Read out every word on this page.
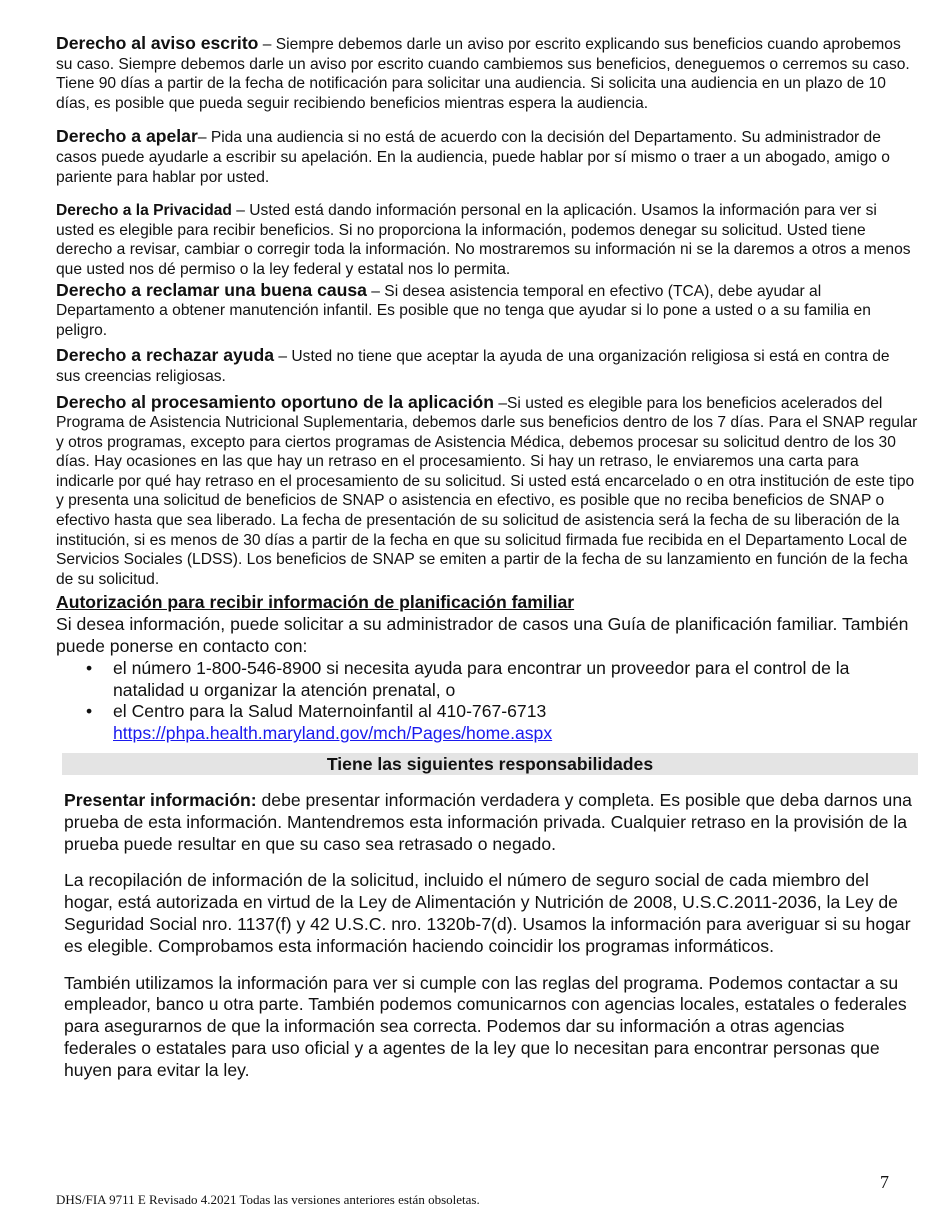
Derecho al aviso escrito – Siempre debemos darle un aviso por escrito explicando sus beneficios cuando aprobemos su caso. Siempre debemos darle un aviso por escrito cuando cambiemos sus beneficios, deneguemos o cerremos su caso. Tiene 90 días a partir de la fecha de notificación para solicitar una audiencia. Si solicita una audiencia en un plazo de 10 días, es posible que pueda seguir recibiendo beneficios mientras espera la audiencia.

Derecho a apelar– Pida una audiencia si no está de acuerdo con la decisión del Departamento. Su administrador de casos puede ayudarle a escribir su apelación. En la audiencia, puede hablar por sí mismo o traer a un abogado, amigo o pariente para hablar por usted.

Derecho a la Privacidad – Usted está dando información personal en la aplicación. Usamos la información para ver si usted es elegible para recibir beneficios. Si no proporciona la información, podemos denegar su solicitud. Usted tiene derecho a revisar, cambiar o corregir toda la información. No mostraremos su información ni se la daremos a otros a menos que usted nos dé permiso o la ley federal y estatal nos lo permita.

Derecho a reclamar una buena causa – Si desea asistencia temporal en efectivo (TCA), debe ayudar al Departamento a obtener manutención infantil. Es posible que no tenga que ayudar si lo pone a usted o a su familia en peligro.

Derecho a rechazar ayuda – Usted no tiene que aceptar la ayuda de una organización religiosa si está en contra de sus creencias religiosas.

Derecho al procesamiento oportuno de la aplicación –Si usted es elegible para los beneficios acelerados del Programa de Asistencia Nutricional Suplementaria, debemos darle sus beneficios dentro de los 7 días. Para el SNAP regular y otros programas, excepto para ciertos programas de Asistencia Médica, debemos procesar su solicitud dentro de los 30 días. Hay ocasiones en las que hay un retraso en el procesamiento. Si hay un retraso, le enviaremos una carta para indicarle por qué hay retraso en el procesamiento de su solicitud. Si usted está encarcelado o en otra institución de este tipo y presenta una solicitud de beneficios de SNAP o asistencia en efectivo, es posible que no reciba beneficios de SNAP o efectivo hasta que sea liberado. La fecha de presentación de su solicitud de asistencia será la fecha de su liberación de la institución, si es menos de 30 días a partir de la fecha en que su solicitud firmada fue recibida en el Departamento Local de Servicios Sociales (LDSS). Los beneficios de SNAP se emiten a partir de la fecha de su lanzamiento en función de la fecha de su solicitud.

Autorización para recibir información de planificación familiar

Si desea información, puede solicitar a su administrador de casos una Guía de planificación familiar. También puede ponerse en contacto con:

• el número 1-800-546-8900 si necesita ayuda para encontrar un proveedor para el control de la natalidad u organizar la atención prenatal, o
• el Centro para la Salud Maternoinfantil al 410-767-6713
https://phpa.health.maryland.gov/mch/Pages/home.aspx
Tiene las siguientes responsabilidades

Presentar información: debe presentar información verdadera y completa. Es posible que deba darnos una prueba de esta información. Mantendremos esta información privada. Cualquier retraso en la provisión de la prueba puede resultar en que su caso sea retrasado o negado.

La recopilación de información de la solicitud, incluido el número de seguro social de cada miembro del hogar, está autorizada en virtud de la Ley de Alimentación y Nutrición de 2008, U.S.C.2011-2036, la Ley de Seguridad Social nro. 1137(f) y 42 U.S.C. nro. 1320b-7(d). Usamos la información para averiguar si su hogar es elegible. Comprobamos esta información haciendo coincidir los programas informáticos.

También utilizamos la información para ver si cumple con las reglas del programa. Podemos contactar a su empleador, banco u otra parte. También podemos comunicarnos con agencias locales, estatales o federales para asegurarnos de que la información sea correcta. Podemos dar su información a otras agencias federales o estatales para uso oficial y a agentes de la ley que lo necesitan para encontrar personas que huyen para evitar la ley.

7
DHS/FIA 9711 E Revisado 4.2021 Todas las versiones anteriores están obsoletas.
